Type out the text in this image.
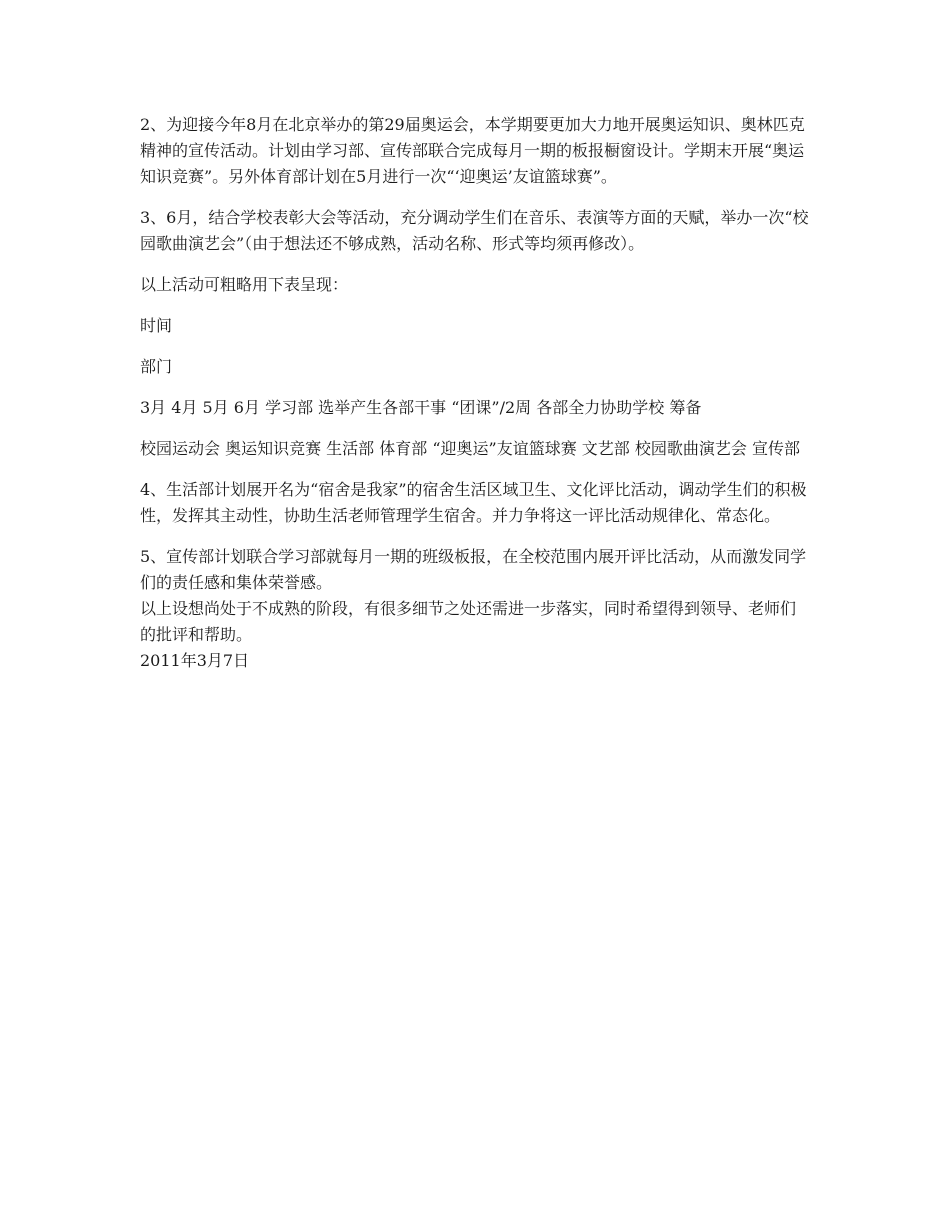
2、为迎接今年8月在北京举办的第29届奥运会，本学期要更加大力地开展奥运知识、奥林匹克精神的宣传活动。计划由学习部、宣传部联合完成每月一期的板报橱窗设计。学期末开展“奥运知识竞赛”。另外体育部计划在5月进行一次“‘迎奥运’友谊篮球赛”。

3、6月，结合学校表彰大会等活动，充分调动学生们在音乐、表演等方面的天赋，举办一次“校园歌曲演艺会”（由于想法还不够成熟，活动名称、形式等均须再修改）。

以上活动可粗略用下表呈现：

时间

部门

3月 4月 5月 6月 学习部 选举产生各部干事 “团课”/2周 各部全力协助学校 筹备

校园运动会 奥运知识竞赛 生活部 体育部 “迎奥运”友谊篮球赛 文艺部 校园歌曲演艺会 宣传部

4、生活部计划展开名为“宿舍是我家”的宿舍生活区域卫生、文化评比活动，调动学生们的积极性，发挥其主动性，协助生活老师管理学生宿舍。并力争将这一评比活动规律化、常态化。

5、宣传部计划联合学习部就每月一期的班级板报，在全校范围内展开评比活动，从而激发同学们的责任感和集体荣誉感。

以上设想尚处于不成熟的阶段，有很多细节之处还需进一步落实，同时希望得到领导、老师们的批评和帮助。

2011年3月7日
